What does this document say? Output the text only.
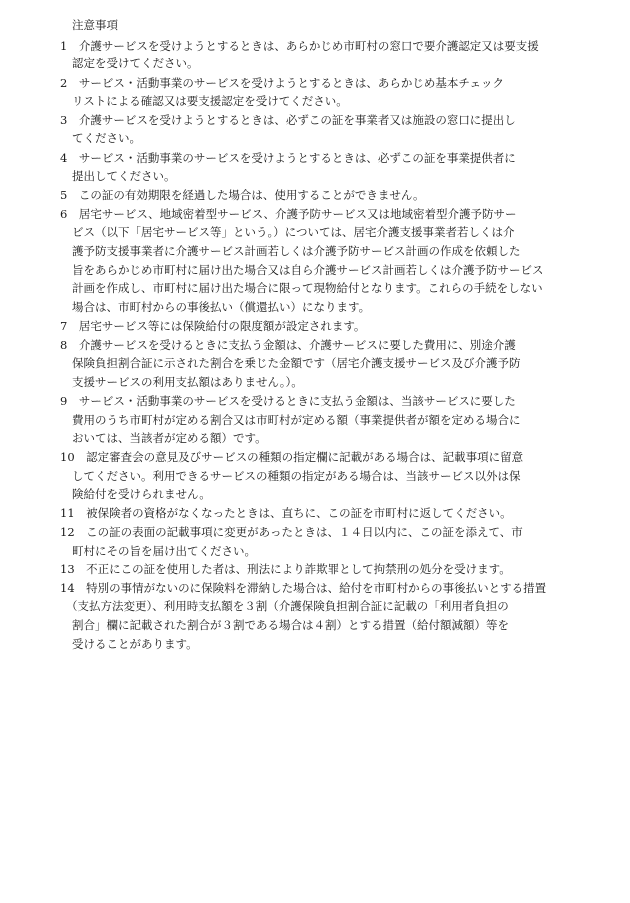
注意事項
1　介護サービスを受けようとするときは、あらかじめ市町村の窓口で要介護認定又は要支援
認定を受けてください。
2　サービス・活動事業のサービスを受けようとするときは、あらかじめ基本チェック
リストによる確認又は要支援認定を受けてください。
3　介護サービスを受けようとするときは、必ずこの証を事業者又は施設の窓口に提出し
てください。
4　サービス・活動事業のサービスを受けようとするときは、必ずこの証を事業提供者に
提出してください。
5　この証の有効期限を経過した場合は、使用することができません。
6　居宅サービス、地域密着型サービス、介護予防サービス又は地域密着型介護予防サー
ビス（以下「居宅サービス等」という。）については、居宅介護支援事業者若しくは介
護予防支援事業者に介護サービス計画若しくは介護予防サービス計画の作成を依頼した
旨をあらかじめ市町村に届け出た場合又は自ら介護サービス計画若しくは介護予防サービス
計画を作成し、市町村に届け出た場合に限って現物給付となります。これらの手続をしない
場合は、市町村からの事後払い（償還払い）になります。
7　居宅サービス等には保険給付の限度額が設定されます。
8　介護サービスを受けるときに支払う金額は、介護サービスに要した費用に、別途介護
保険負担割合証に示された割合を乗じた金額です（居宅介護支援サービス及び介護予防
支援サービスの利用支払額はありません。）。
9　サービス・活動事業のサービスを受けるときに支払う金額は、当該サービスに要した
費用のうち市町村が定める割合又は市町村が定める額（事業提供者が額を定める場合に
おいては、当該者が定める額）です。
10　認定審査会の意見及びサービスの種類の指定欄に記載がある場合は、記載事項に留意
してください。利用できるサービスの種類の指定がある場合は、当該サービス以外は保
険給付を受けられません。
11　被保険者の資格がなくなったときは、直ちに、この証を市町村に返してください。
12　この証の表面の記載事項に変更があったときは、１４日以内に、この証を添えて、市
町村にその旨を届け出てください。
13　不正にこの証を使用した者は、刑法により詐欺罪として拘禁刑の処分を受けます。
14　特別の事情がないのに保険料を滞納した場合は、給付を市町村からの事後払いとする措置
（支払方法変更）、利用時支払額を３割（介護保険負担割合証に記載の「利用者負担の
割合」欄に記載された割合が３割である場合は４割）とする措置（給付額減額）等を
受けることがあります。
